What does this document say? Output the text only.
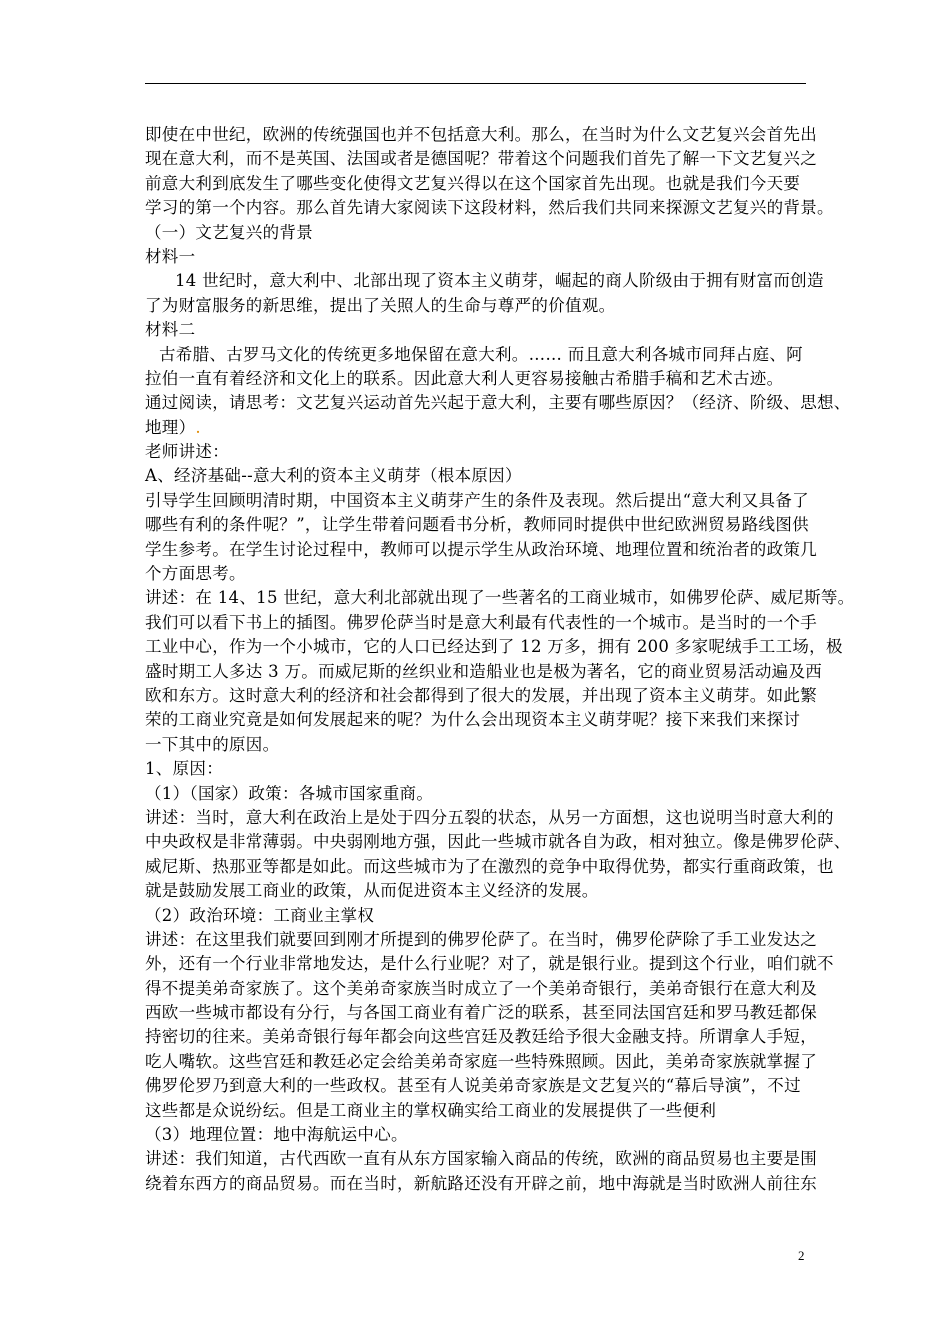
即使在中世纪，欧洲的传统强国也并不包括意大利。那么，在当时为什么文艺复兴会首先出
现在意大利，而不是英国、法国或者是德国呢？带着这个问题我们首先了解一下文艺复兴之
前意大利到底发生了哪些变化使得文艺复兴得以在这个国家首先出现。也就是我们今天要
学习的第一个内容。那么首先请大家阅读下这段材料，然后我们共同来探源文艺复兴的背景。
（一）文艺复兴的背景
材料一
14 世纪时，意大利中、北部出现了资本主义萌芽，崛起的商人阶级由于拥有财富而创造
了为财富服务的新思维，提出了关照人的生命与尊严的价值观。
材料二
古希腊、古罗马文化的传统更多地保留在意大利。…… 而且意大利各城市同拜占庭、阿
拉伯一直有着经济和文化上的联系。因此意大利人更容易接触古希腊手稿和艺术古迹。
通过阅读，请思考：文艺复兴运动首先兴起于意大利，主要有哪些原因？（经济、阶级、思想、
地理）.
老师讲述：
A、经济基础--意大利的资本主义萌芽（根本原因）
引导学生回顾明清时期，中国资本主义萌芽产生的条件及表现。然后提出“意大利又具备了
哪些有利的条件呢？”，让学生带着问题看书分析，教师同时提供中世纪欧洲贸易路线图供
学生参考。在学生讨论过程中，教师可以提示学生从政治环境、地理位置和统治者的政策几
个方面思考。
讲述：在 14、15 世纪，意大利北部就出现了一些著名的工商业城市，如佛罗伦萨、威尼斯等。
我们可以看下书上的插图。佛罗伦萨当时是意大利最有代表性的一个城市。是当时的一个手
工业中心，作为一个小城市，它的人口已经达到了 12 万多，拥有 200 多家呢绒手工工场，极
盛时期工人多达 3 万。而威尼斯的丝织业和造船业也是极为著名，它的商业贸易活动遍及西
欧和东方。这时意大利的经济和社会都得到了很大的发展，并出现了资本主义萌芽。如此繁
荣的工商业究竟是如何发展起来的呢？为什么会出现资本主义萌芽呢？接下来我们来探讨
一下其中的原因。
1、原因：
（1）（国家）政策：各城市国家重商。
讲述：当时，意大利在政治上是处于四分五裂的状态，从另一方面想，这也说明当时意大利的
中央政权是非常薄弱。中央弱刚地方强，因此一些城市就各自为政，相对独立。像是佛罗伦萨、
威尼斯、热那亚等都是如此。而这些城市为了在激烈的竞争中取得优势，都实行重商政策，也
就是鼓励发展工商业的政策，从而促进资本主义经济的发展。
（2）政治环境：工商业主掌权
讲述：在这里我们就要回到刚才所提到的佛罗伦萨了。在当时，佛罗伦萨除了手工业发达之
外，还有一个行业非常地发达，是什么行业呢？对了，就是银行业。提到这个行业，咱们就不
得不提美弟奇家族了。这个美弟奇家族当时成立了一个美弟奇银行，美弟奇银行在意大利及
西欧一些城市都设有分行，与各国工商业有着广泛的联系，甚至同法国宫廷和罗马教廷都保
持密切的往来。美弟奇银行每年都会向这些宫廷及教廷给予很大金融支持。所谓拿人手短，
吃人嘴软。这些宫廷和教廷必定会给美弟奇家庭一些特殊照顾。因此，美弟奇家族就掌握了
佛罗伦罗乃到意大利的一些政权。甚至有人说美弟奇家族是文艺复兴的“幕后导演”，不过
这些都是众说纷纭。但是工商业主的掌权确实给工商业的发展提供了一些便利
（3）地理位置：地中海航运中心。
讲述：我们知道，古代西欧一直有从东方国家输入商品的传统，欧洲的商品贸易也主要是围
绕着东西方的商品贸易。而在当时，新航路还没有开辟之前，地中海就是当时欧洲人前往东
2
